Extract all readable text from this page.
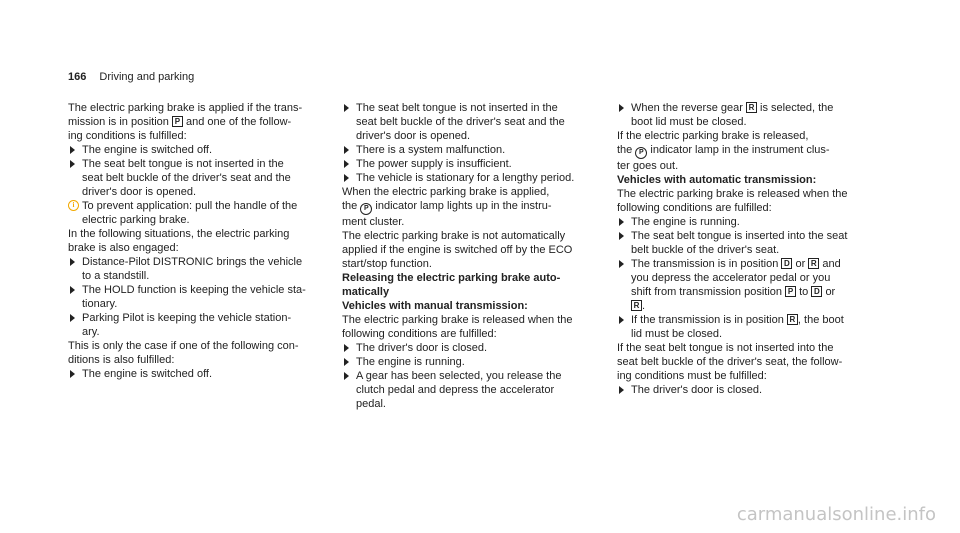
166 Driving and parking

The electric parking brake is applied if the trans-
mission is in position P and one of the follow-
ing conditions is fulfilled:

The engine is switched off.

The seat belt tongue is not inserted in the
seat belt buckle of the driver's seat and the
driver's door is opened.

i To prevent application: pull the handle of the
electric parking brake.

In the following situations, the electric parking
brake is also engaged:

Distance-Pilot DISTRONIC brings the vehicle
to a standstill.

The HOLD function is keeping the vehicle sta-
tionary.

Parking Pilot is keeping the vehicle station-
ary.

This is only the case if one of the following con-
ditions is also fulfilled:

The engine is switched off.

The seat belt tongue is not inserted in the
seat belt buckle of the driver's seat and the
driver's door is opened.

There is a system malfunction.

The power supply is insufficient.

The vehicle is stationary for a lengthy period.

When the electric parking brake is applied,
the P indicator lamp lights up in the instru-
ment cluster.

The electric parking brake is not automatically
applied if the engine is switched off by the ECO
start/stop function.

Releasing the electric parking brake auto-
matically

Vehicles with manual transmission:

The electric parking brake is released when the
following conditions are fulfilled:

The driver's door is closed.

The engine is running.

A gear has been selected, you release the
clutch pedal and depress the accelerator
pedal.

When the reverse gear R is selected, the
boot lid must be closed.

If the electric parking brake is released,
the P indicator lamp in the instrument clus-
ter goes out.

Vehicles with automatic transmission:

The electric parking brake is released when the
following conditions are fulfilled:

The engine is running.

The seat belt tongue is inserted into the seat
belt buckle of the driver's seat.

The transmission is in position D or R and
you depress the accelerator pedal or you
shift from transmission position P to D or
R .

If the transmission is in position R , the boot
lid must be closed.

If the seat belt tongue is not inserted into the
seat belt buckle of the driver's seat, the follow-
ing conditions must be fulfilled:

The driver's door is closed.

carmanualsonline.info
